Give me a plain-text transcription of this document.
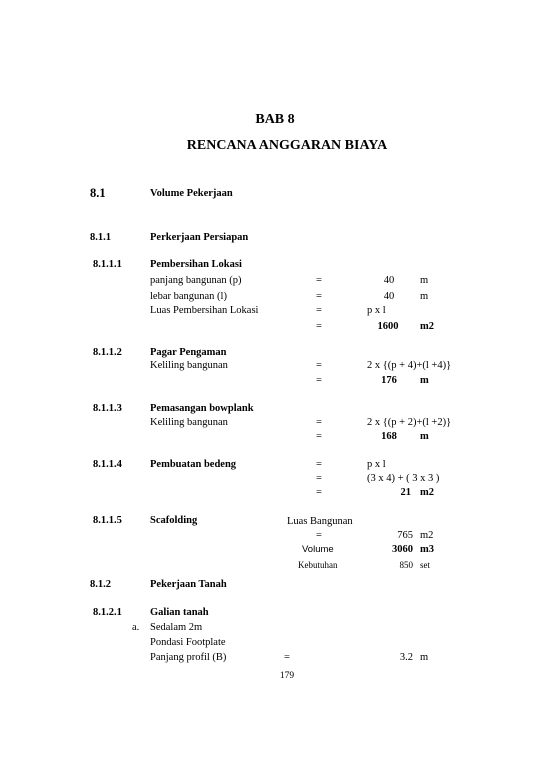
BAB 8
RENCANA ANGGARAN BIAYA
8.1	Volume Pekerjaan
8.1.1	Perkerjaan Persiapan
8.1.1.1	Pembersihan Lokasi
panjang bangunan (p)	=	40 m
lebar bangunan (l)	=	40 m
Luas Pembersihan Lokasi	=	p x l
=	1600 m2
8.1.1.2	Pagar Pengaman
Keliling bangunan	=	2 x {(p + 4)+(l +4)}
=	176 m
8.1.1.3	Pemasangan bowplank
Keliling bangunan	=	2 x {(p + 2)+(l +2)}
=	168 m
8.1.1.4	Pembuatan bedeng	=	p x l
=	(3 x 4) + ( 3 x 3 )
=	21 m2
8.1.1.5	Scafolding	Luas Bangunan
=	765 m2
Volume	3060 m3
Kebutuhan	850 set
8.1.2	Pekerjaan Tanah
8.1.2.1	Galian tanah
a. Sedalam 2m
Pondasi Footplate
Panjang profil (B)	=	3.2 m
179
